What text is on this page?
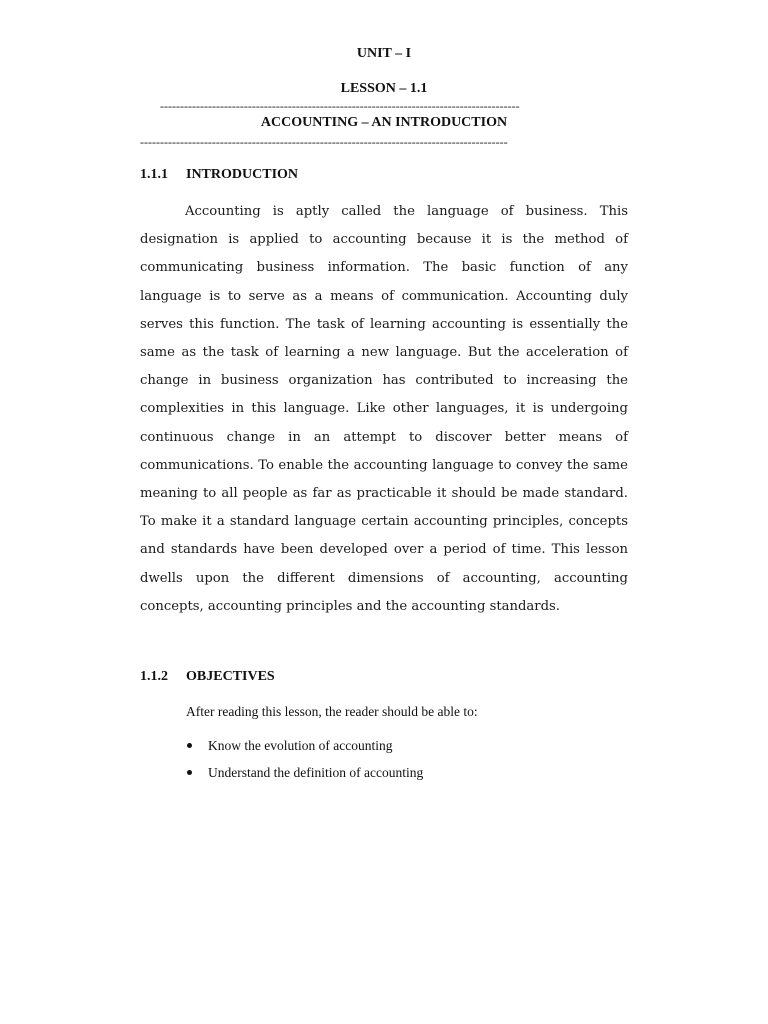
UNIT – I
LESSON – 1.1
------------------------------------------------------------------------------------------
ACCOUNTING – AN INTRODUCTION
--------------------------------------------------------------------------------------------
1.1.1 INTRODUCTION

Accounting is aptly called the language of business. This designation is applied to accounting because it is the method of communicating business information. The basic function of any language is to serve as a means of communication. Accounting duly serves this function. The task of learning accounting is essentially the same as the task of learning a new language. But the acceleration of change in business organization has contributed to increasing the complexities in this language. Like other languages, it is undergoing continuous change in an attempt to discover better means of communications. To enable the accounting language to convey the same meaning to all people as far as practicable it should be made standard. To make it a standard language certain accounting principles, concepts and standards have been developed over a period of time. This lesson dwells upon the different dimensions of accounting, accounting concepts, accounting principles and the accounting standards.

1.1.2 OBJECTIVES
After reading this lesson, the reader should be able to:
Know the evolution of accounting
Understand the definition of accounting
